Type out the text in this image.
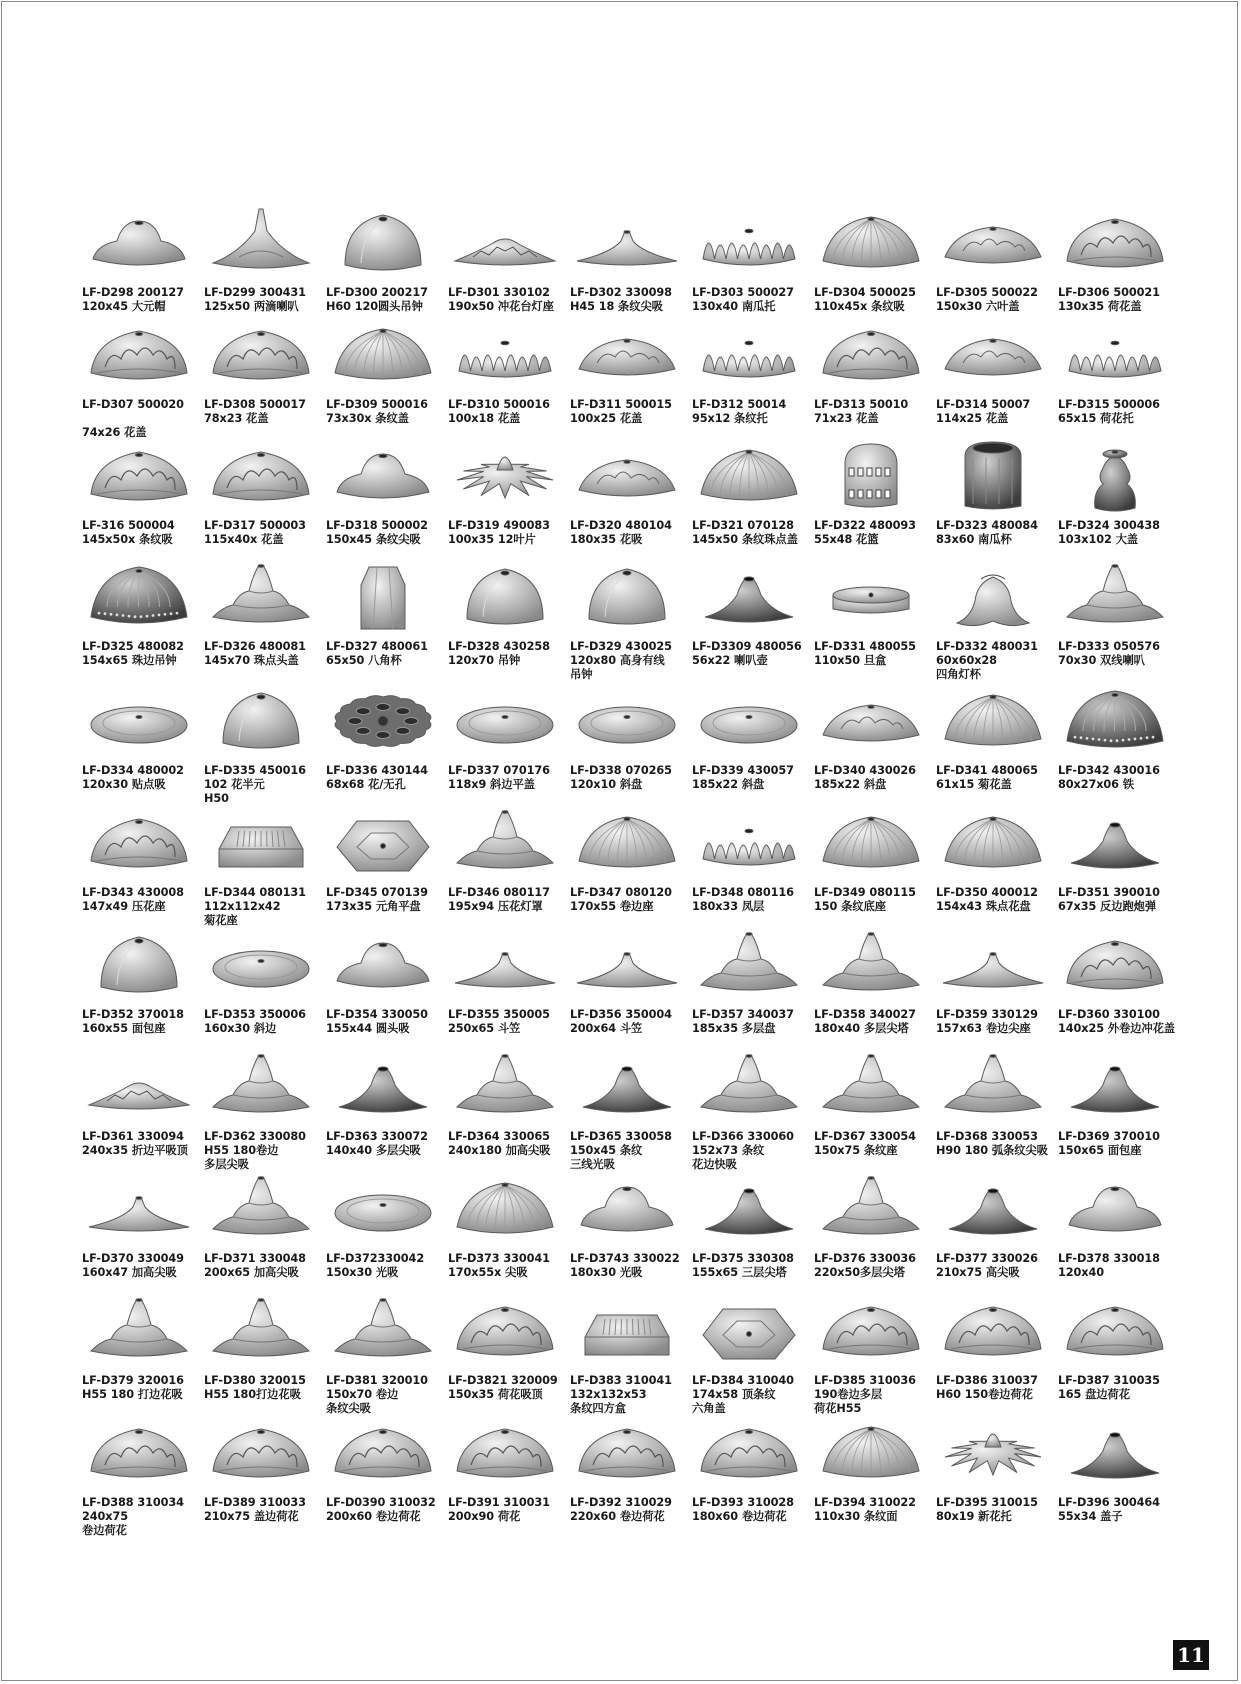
LF-D298 200127
120x45 大元帽
LF-D299 300431
125x50 两滴喇叭
LF-D300 200217
H60 120圆头吊钟
LF-D301 330102
190x50 冲花台灯座
LF-D302 330098
H45 18 条纹尖吸
LF-D303 500027
130x40 南瓜托
LF-D304 500025
110x45x 条纹吸
LF-D305 500022
150x30 六叶盖
LF-D306 500021
130x35 荷花盖
LF-D307 500020

74x26 花盖
LF-D308 500017
78x23 花盖
LF-D309 500016
73x30x 条纹盖
LF-D310 500016
100x18 花盖
LF-D311 500015
100x25 花盖
LF-D312 50014
95x12 条纹托
LF-D313 50010
71x23 花盖
LF-D314 50007
114x25 花盖
LF-D315 500006
65x15 荷花托
LF-316 500004
145x50x 条纹吸
LF-D317 500003
115x40x 花盖
LF-D318 500002
150x45 条纹尖吸
LF-D319 490083
100x35 12叶片
LF-D320 480104
180x35 花吸
LF-D321 070128
145x50 条纹珠点盖
LF-D322 480093
55x48 花篮
LF-D323 480084
83x60 南瓜杯
LF-D324 300438
103x102 大盖
LF-D325 480082
154x65 珠边吊钟
LF-D326 480081
145x70 珠点头盖
LF-D327 480061
65x50 八角杯
LF-D328 430258
120x70 吊钟
LF-D329 430025
120x80 高身有线
吊钟
LF-D3309 480056
56x22 喇叭壶
LF-D331 480055
110x50 旦盒
LF-D332 480031
60x60x28
四角灯杯
LF-D333 050576
70x30 双线喇叭
LF-D334 480002
120x30 贴点吸
LF-D335 450016
102 花半元
H50
LF-D336 430144
68x68 花/无孔
LF-D337 070176
118x9 斜边平盖
LF-D338 070265
120x10 斜盘
LF-D339 430057
185x22 斜盘
LF-D340 430026
185x22 斜盘
LF-D341 480065
61x15 菊花盖
LF-D342 430016
80x27x06 铁
LF-D343 430008
147x49 压花座
LF-D344 080131
112x112x42
菊花座
LF-D345 070139
173x35 元角平盘
LF-D346 080117
195x94 压花灯罩
LF-D347 080120
170x55 卷边座
LF-D348 080116
180x33 凤层
LF-D349 080115
150 条纹底座
LF-D350 400012
154x43 珠点花盘
LF-D351 390010
67x35 反边跑炮弹
LF-D352 370018
160x55 面包座
LF-D353 350006
160x30 斜边
LF-D354 330050
155x44 圆头吸
LF-D355 350005
250x65 斗笠
LF-D356 350004
200x64 斗笠
LF-D357 340037
185x35 多层盘
LF-D358 340027
180x40 多层尖塔
LF-D359 330129
157x63 卷边尖座
LF-D360 330100
140x25 外卷边冲花盖
LF-D361 330094
240x35 折边平吸顶
LF-D362 330080
H55 180卷边
多层尖吸
LF-D363 330072
140x40 多层尖吸
LF-D364 330065
240x180 加高尖吸
LF-D365 330058
150x45 条纹
三线光吸
LF-D366 330060
152x73 条纹
花边快吸
LF-D367 330054
150x75 条纹座
LF-D368 330053
H90 180 弧条纹尖吸
LF-D369 370010
150x65 面包座
LF-D370 330049
160x47 加高尖吸
LF-D371 330048
200x65 加高尖吸
LF-D372330042
150x30 光吸
LF-D373 330041
170x55x 尖吸
LF-D3743 330022
180x30 光吸
LF-D375 330308
155x65 三层尖塔
LF-D376 330036
220x50多层尖塔
LF-D377 330026
210x75 高尖吸
LF-D378 330018
120x40
LF-D379 320016
H55 180 打边花吸
LF-D380 320015
H55 180打边花吸
LF-D381 320010
150x70 卷边
条纹尖吸
LF-D3821 320009
150x35 荷花吸顶
LF-D383 310041
132x132x53
条纹四方盒
LF-D384 310040
174x58 顶条纹
六角盖
LF-D385 310036
190卷边多层
荷花H55
LF-D386 310037
H60 150卷边荷花
LF-D387 310035
165 盘边荷花
LF-D388 310034
240x75
卷边荷花
LF-D389 310033
210x75 盖边荷花
LF-D0390 310032
200x60 卷边荷花
LF-D391 310031
200x90 荷花
LF-D392 310029
220x60 卷边荷花
LF-D393 310028
180x60 卷边荷花
LF-D394 310022
110x30 条纹面
LF-D395 310015
80x19 新花托
LF-D396 300464
55x34 盖子
11
